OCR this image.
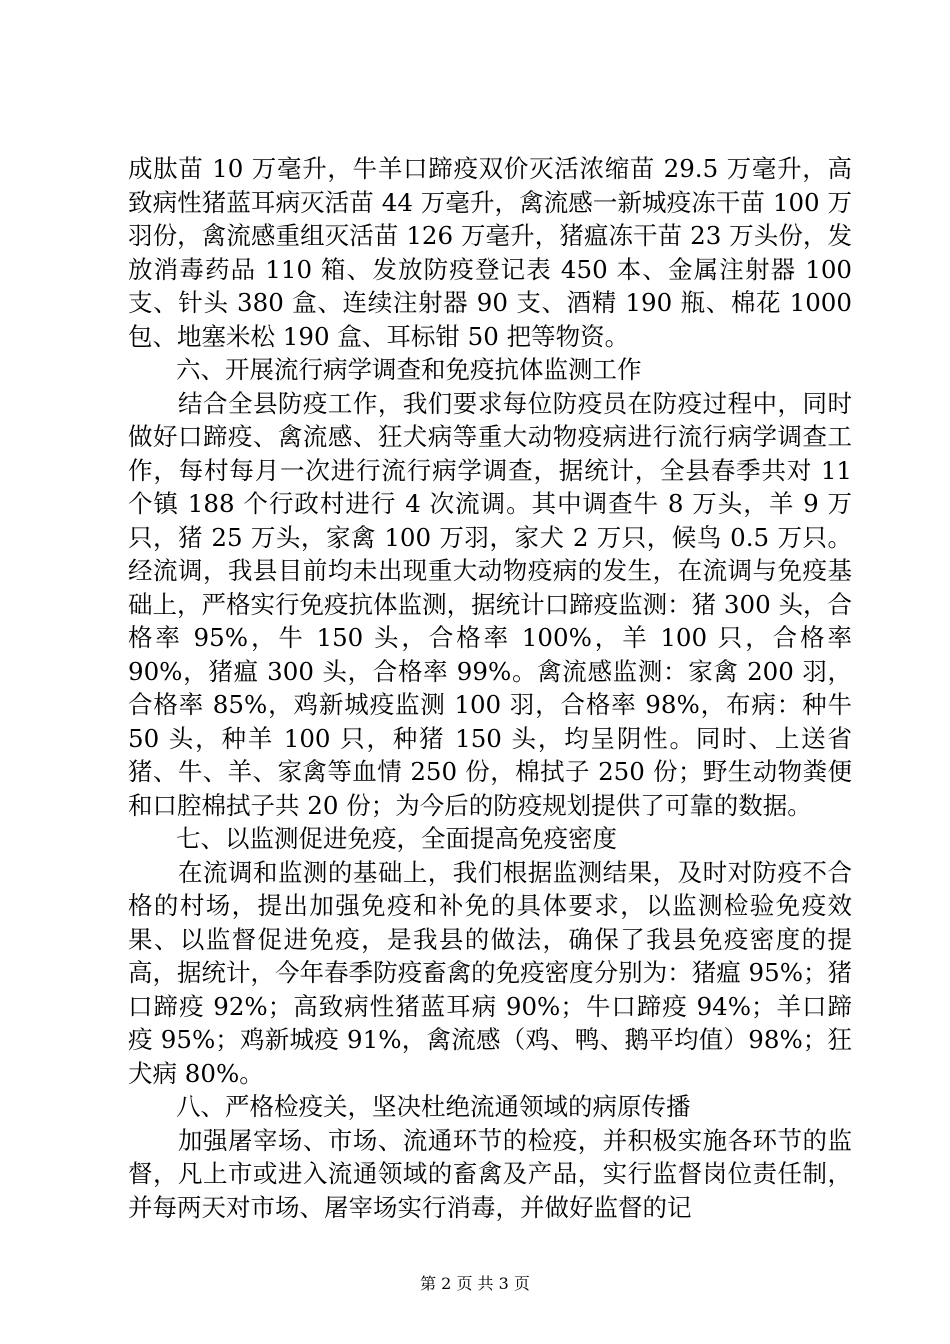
成肽苗 10 万毫升，牛羊口蹄疫双价灭活浓缩苗 29.5 万毫升，高致病性猪蓝耳病灭活苗 44 万毫升，禽流感一新城疫冻干苗 100 万羽份，禽流感重组灭活苗 126 万毫升，猪瘟冻干苗 23 万头份，发放消毒药品 110 箱、发放防疫登记表 450 本、金属注射器 100 支、针头 380 盒、连续注射器 90 支、酒精 190 瓶、棉花 1000 包、地塞米松 190 盒、耳标钳 50 把等物资。

六、开展流行病学调查和免疫抗体监测工作

结合全县防疫工作，我们要求每位防疫员在防疫过程中，同时做好口蹄疫、禽流感、狂犬病等重大动物疫病进行流行病学调查工作，每村每月一次进行流行病学调查，据统计，全县春季共对 11 个镇 188 个行政村进行 4 次流调。其中调查牛 8 万头，羊 9 万只，猪 25 万头，家禽 100 万羽，家犬 2 万只，候鸟 0.5 万只。经流调，我县目前均未出现重大动物疫病的发生，在流调与免疫基础上，严格实行免疫抗体监测，据统计口蹄疫监测：猪 300 头，合格率 95%，牛 150 头，合格率 100%，羊 100 只，合格率 90%，猪瘟 300 头，合格率 99%。禽流感监测：家禽 200 羽，合格率 85%，鸡新城疫监测 100 羽，合格率 98%，布病：种牛 50 头，种羊 100 只，种猪 150 头，均呈阴性。同时、上送省猪、牛、羊、家禽等血情 250 份，棉拭子 250 份；野生动物粪便和口腔棉拭子共 20 份；为今后的防疫规划提供了可靠的数据。

七、以监测促进免疫，全面提高免疫密度

在流调和监测的基础上，我们根据监测结果，及时对防疫不合格的村场，提出加强免疫和补免的具体要求，以监测检验免疫效果、以监督促进免疫，是我县的做法，确保了我县免疫密度的提高，据统计，今年春季防疫畜禽的免疫密度分别为：猪瘟 95%；猪口蹄疫 92%；高致病性猪蓝耳病 90%；牛口蹄疫 94%；羊口蹄疫 95%；鸡新城疫 91%，禽流感（鸡、鸭、鹅平均值）98%；狂犬病 80%。

八、严格检疫关，坚决杜绝流通领域的病原传播

加强屠宰场、市场、流通环节的检疫，并积极实施各环节的监督，凡上市或进入流通领域的畜禽及产品，实行监督岗位责任制，并每两天对市场、屠宰场实行消毒，并做好监督的记

第 2 页 共 3 页
